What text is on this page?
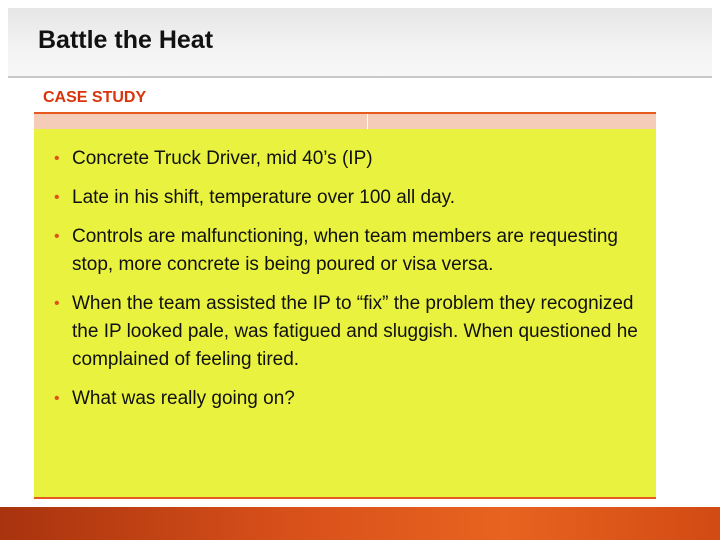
Battle the Heat
CASE STUDY
• Concrete Truck Driver, mid 40’s (IP)
• Late in his shift, temperature over 100 all day.
• Controls are malfunctioning, when team members are requesting stop, more concrete is being poured or visa versa.
• When the team assisted the IP to “fix” the problem they recognized the IP looked pale, was fatigued and sluggish. When questioned he complained of feeling tired.
• What was really going on?
